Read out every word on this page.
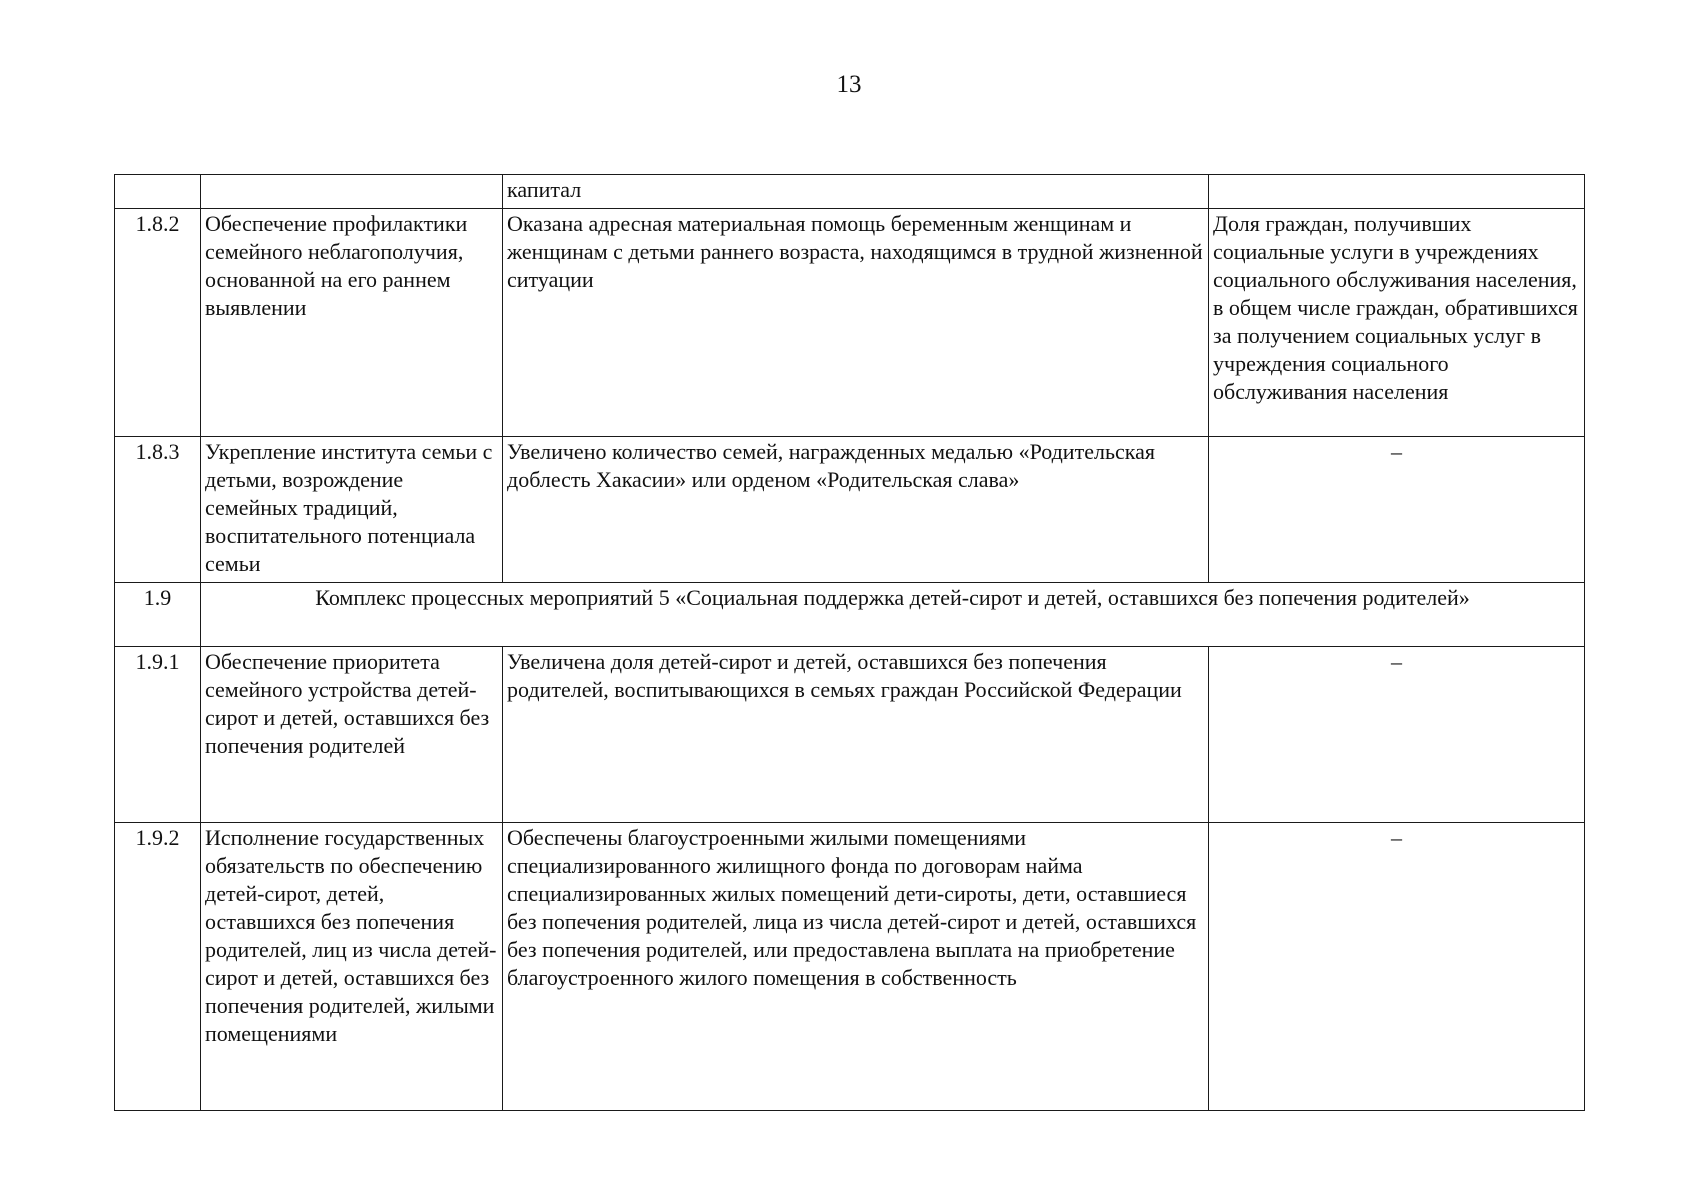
13
		капитал	
1.8.2	Обеспечение профилактики семейного неблагополучия, основанной на его раннем выявлении	Оказана адресная материальная помощь беременным женщинам и женщинам с детьми раннего возраста, находящимся в трудной жизненной ситуации	Доля граждан, получивших социальные услуги в учреждениях социального обслуживания населения, в общем числе граждан, обратившихся за получением социальных услуг в учреждения социального обслуживания населения
1.8.3	Укрепление института семьи с детьми, возрождение семейных традиций, воспитательного потенциала семьи	Увеличено количество семей, награжденных медалью «Родительская доблесть Хакасии» или орденом «Родительская слава»	–
1.9	Комплекс процессных мероприятий 5 «Социальная поддержка детей-сирот и детей, оставшихся без попечения родителей»		
1.9.1	Обеспечение приоритета семейного устройства детей-сирот и детей, оставшихся без попечения родителей	Увеличена доля детей-сирот и детей, оставшихся без попечения родителей, воспитывающихся в семьях граждан Российской Федерации	–
1.9.2	Исполнение государственных обязательств по обеспечению детей-сирот, детей, оставшихся без попечения родителей, лиц из числа детей-сирот и детей, оставшихся без попечения родителей, жилыми помещениями	Обеспечены благоустроенными жилыми помещениями специализированного жилищного фонда по договорам найма специализированных жилых помещений дети-сироты, дети, оставшиеся без попечения родителей, лица из числа детей-сирот и детей, оставшихся без попечения родителей, или предоставлена выплата на приобретение благоустроенного жилого помещения в собственность	–
